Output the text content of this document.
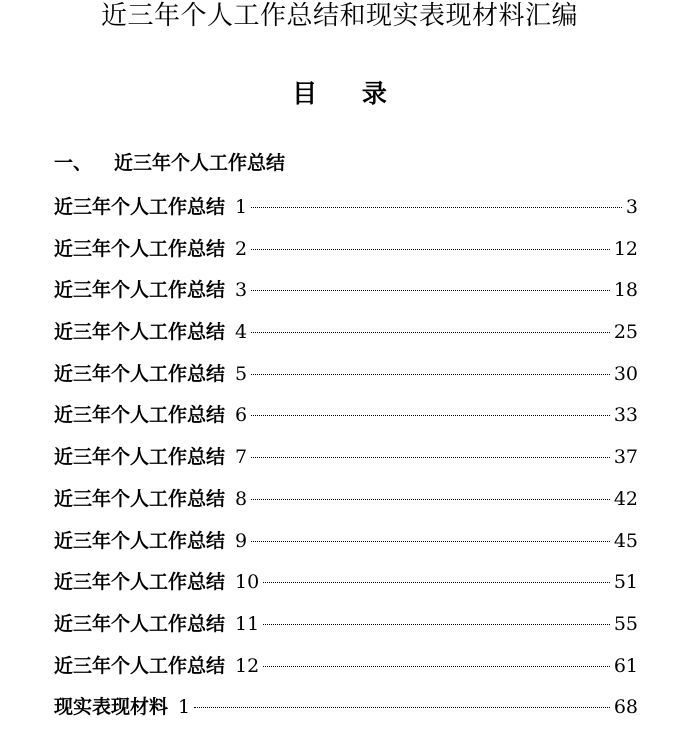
近三年个人工作总结和现实表现材料汇编
目 录
一、 近三年个人工作总结
近三年个人工作总结 1	3
近三年个人工作总结 2	12
近三年个人工作总结 3	18
近三年个人工作总结 4	25
近三年个人工作总结 5	30
近三年个人工作总结 6	33
近三年个人工作总结 7	37
近三年个人工作总结 8	42
近三年个人工作总结 9	45
近三年个人工作总结 10	51
近三年个人工作总结 11	55
近三年个人工作总结 12	61
现实表现材料 1	68
